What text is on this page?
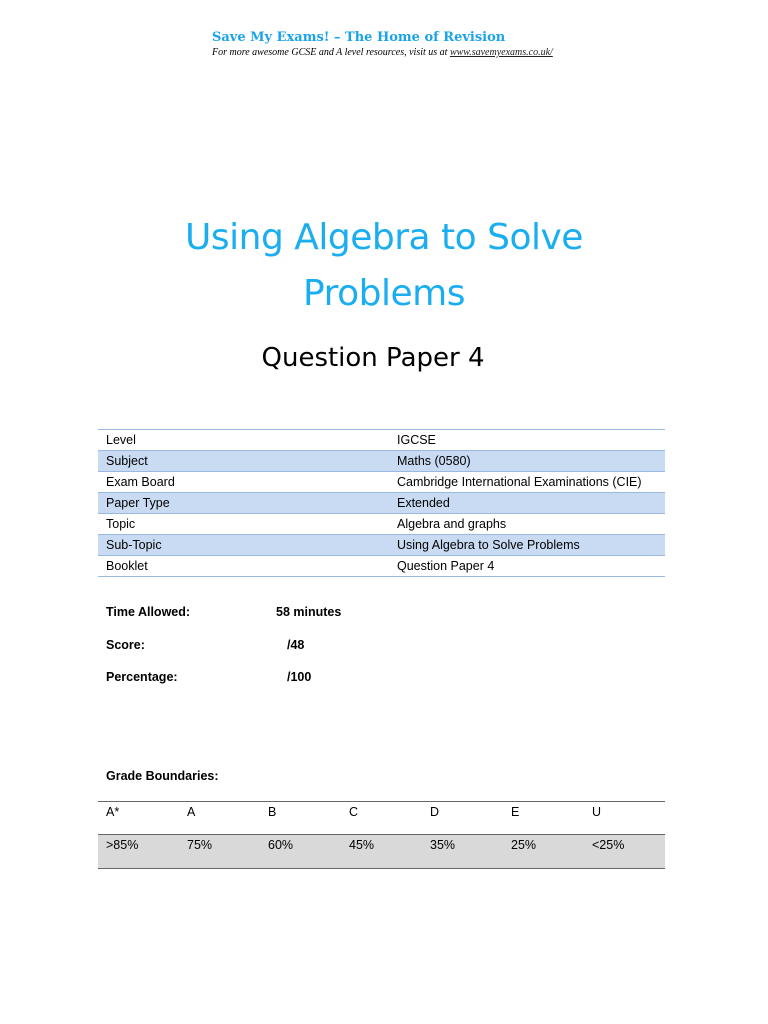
Save My Exams! – The Home of Revision
For more awesome GCSE and A level resources, visit us at www.savemyexams.co.uk/
Using Algebra to Solve
Problems
Question Paper 4
Level	IGCSE
Subject	Maths (0580)
Exam Board	Cambridge International Examinations (CIE)
Paper Type	Extended
Topic	Algebra and graphs
Sub-Topic	Using Algebra to Solve Problems
Booklet	Question Paper 4
Time Allowed:	58 minutes
Score:	/48
Percentage:	/100
Grade Boundaries:
A*	A	B	C	D	E	U
>85%	75%	60%	45%	35%	25%	<25%
